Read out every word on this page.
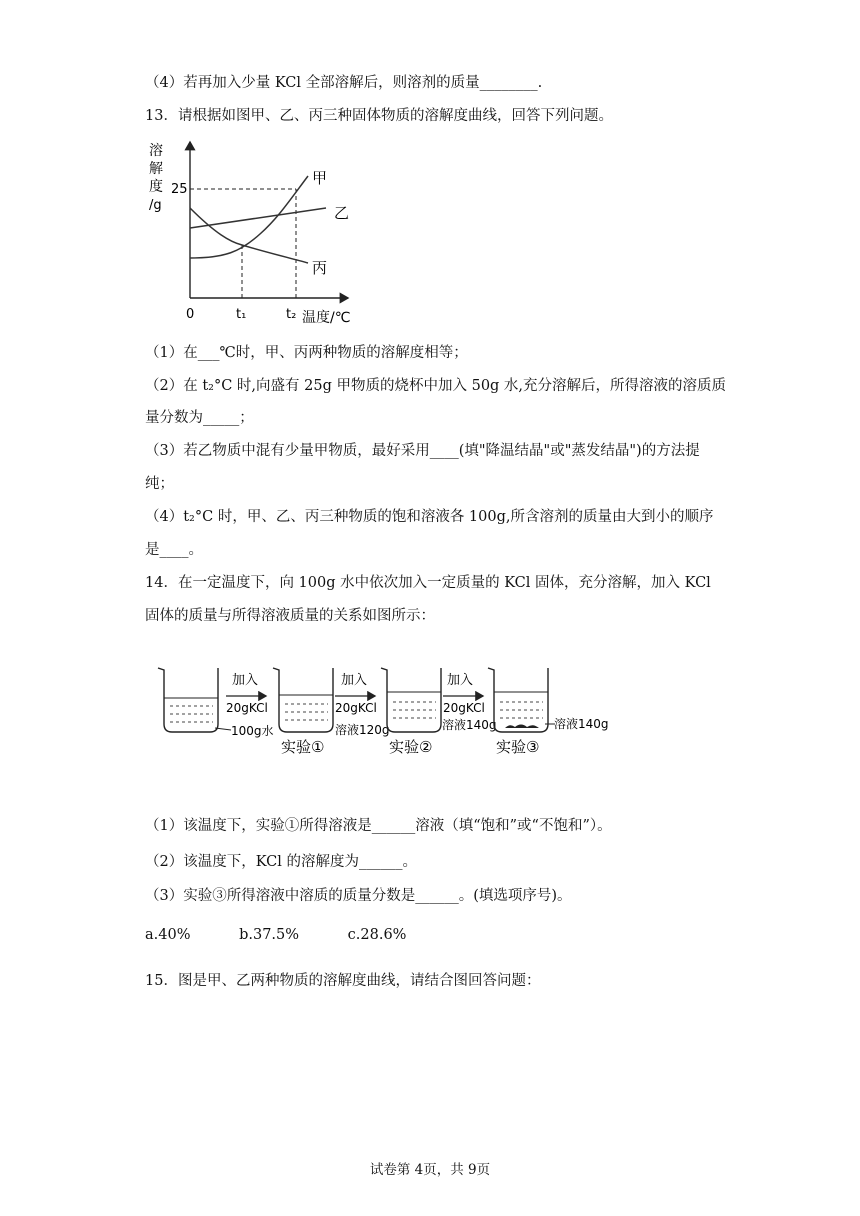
（4）若再加入少量 KCl 全部溶解后，则溶剂的质量________.
13．请根据如图甲、乙、丙三种固体物质的溶解度曲线，回答下列问题。
溶
解
度
/g
25
甲
乙
丙
0	t₁	t₂ 温度/℃
（1）在___℃时，甲、丙两种物质的溶解度相等；
（2）在 t₂°C 时,向盛有 25g 甲物质的烧杯中加入 50g 水,充分溶解后，所得溶液的溶质质
量分数为_____；
（3）若乙物质中混有少量甲物质，最好采用____(填"降温结晶"或"蒸发结晶")的方法提
纯；
（4）t₂°C 时，甲、乙、丙三种物质的饱和溶液各 100g,所含溶剂的质量由大到小的顺序
是____。
14．在一定温度下，向 100g 水中依次加入一定质量的 KCl 固体，充分溶解，加入 KCl
固体的质量与所得溶液质量的关系如图所示：
100g水
加入
20gKCl
溶液120g
实验①
加入
20gKCl
实验②
加入
20gKCl
溶液140g	溶液140g
实验③
（1）该温度下，实验①所得溶液是______溶液（填“饱和”或“不饱和”）。
（2）该温度下，KCl 的溶解度为______。
（3）实验③所得溶液中溶质的质量分数是______。(填选项序号)。
a.40%	b.37.5%	c.28.6%
15．图是甲、乙两种物质的溶解度曲线，请结合图回答问题：
试卷第 4页，共 9页
